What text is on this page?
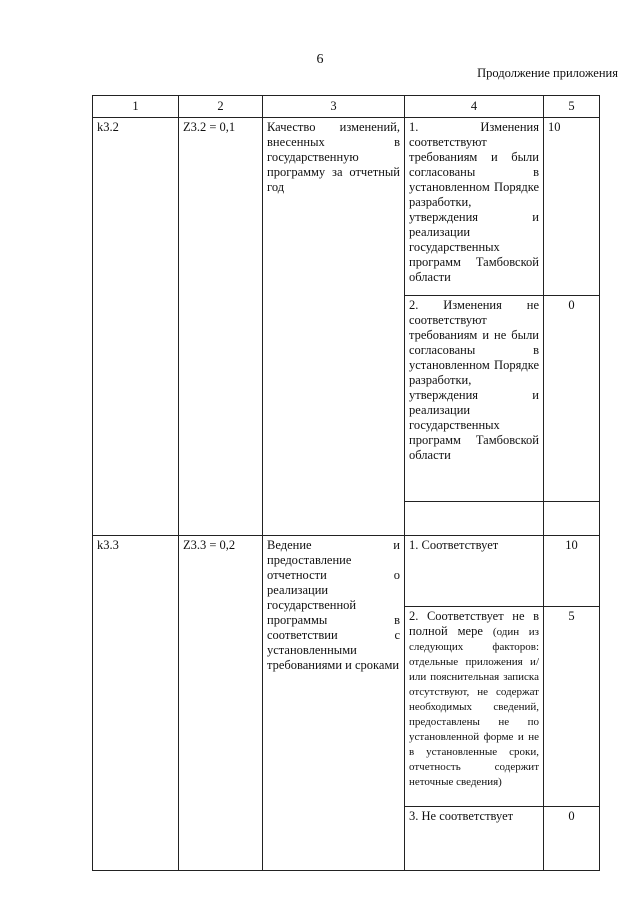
6
Продолжение приложения
1	2	3	4	5
k3.2	Z3.2 = 0,1	Качество изменений, внесенных в государственную программу за отчетный год	1. Изменения соответствуют требованиям и были согласованы в установленном Порядке разработки, утверждения и реализации государственных программ Тамбовской области	10
			2. Изменения не соответствуют требованиям и не были согласованы в установленном Порядке разработки, утверждения и реализации государственных программ Тамбовской области	0

k3.3	Z3.3 = 0,2	Ведение и предоставление отчетности о реализации государственной программы в соответствии с установленными требованиями и сроками	1. Соответствует	10
			2. Соответствует не в полной мере (один из следующих факторов: отдельные приложения и/или пояснительная записка отсутствуют, не содержат необходимых сведений, предоставлены не по установленной форме и не в установленные сроки, отчетность содержит неточные сведения)	5
			3. Не соответствует	0
